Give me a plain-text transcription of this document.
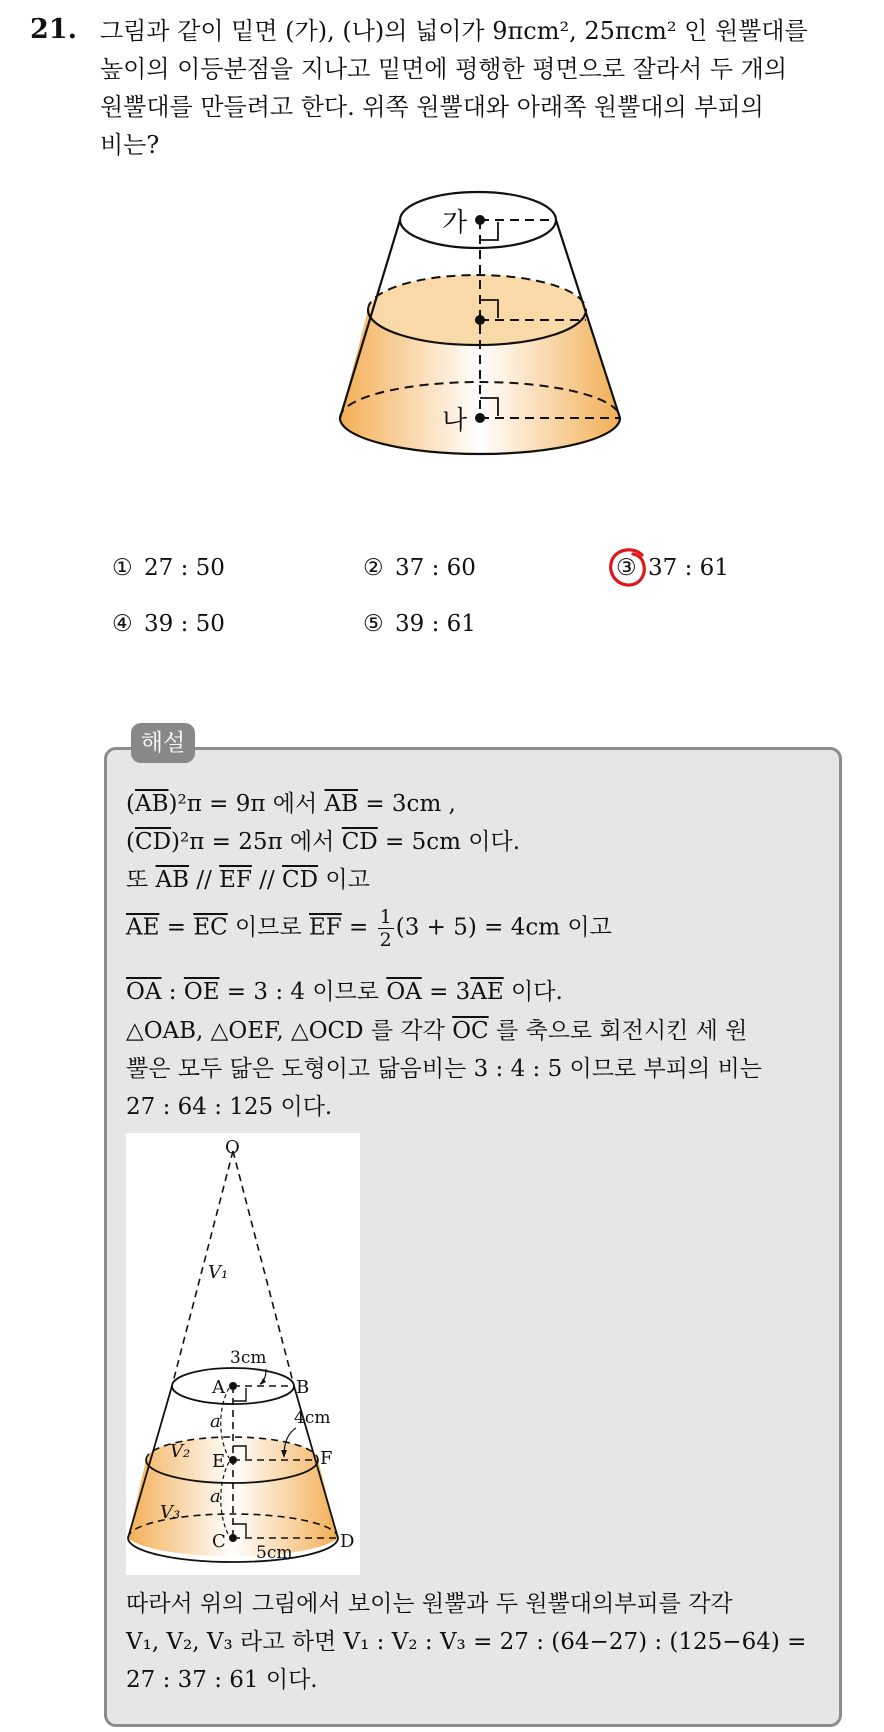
21. 그림과 같이 밑면 (가), (나)의 넓이가 9πcm², 25πcm² 인 원뿔대를
높이의 이등분점을 지나고 밑면에 평행한 평면으로 잘라서 두 개의
원뿔대를 만들려고 한다. 위쪽 원뿔대와 아래쪽 원뿔대의 부피의
비는?
가
나
① 27 : 50	② 37 : 60	③ 37 : 61
④ 39 : 50	⑤ 39 : 61
해설
$(\overline{AB})^2\pi = 9\pi$ 에서 $\overline{AB} = 3cm$ ,
$(\overline{CD})^2\pi = 25\pi$ 에서 $\overline{CD} = 5cm$ 이다.
또 $\overline{AB} // \overline{EF} // \overline{CD}$ 이고
$\overline{AE} = \overline{EC}$ 이므로 $\overline{EF} = \frac{1}{2} (3 + 5) = 4cm$ 이고
$\overline{OA}$ : $\overline{OE} = 3$ : 4 이므로 $\overline{OA} = 3\overline{AE}$ 이다.
△OAB, △OEF, △OCD 를 각각 $\overline{OC}$ 를 축으로 회전시킨 세 원
뿔은 모두 닮은 도형이고 닮음비는 3 : 4 : 5 이므로 부피의 비는
27 : 64 : 125 이다.
O
V₁
3cm
A	B
4cm
a
V₂ E	F
a
V₃
C	D
5cm
따라서 위의 그림에서 보이는 원뿔과 두 원뿔대의부피를 각각
V₁, V₂, V₃ 라고 하면 V₁ : V₂ : V₃ = 27 : (64−27) : (125−64) =
27 : 37 : 61 이다.
